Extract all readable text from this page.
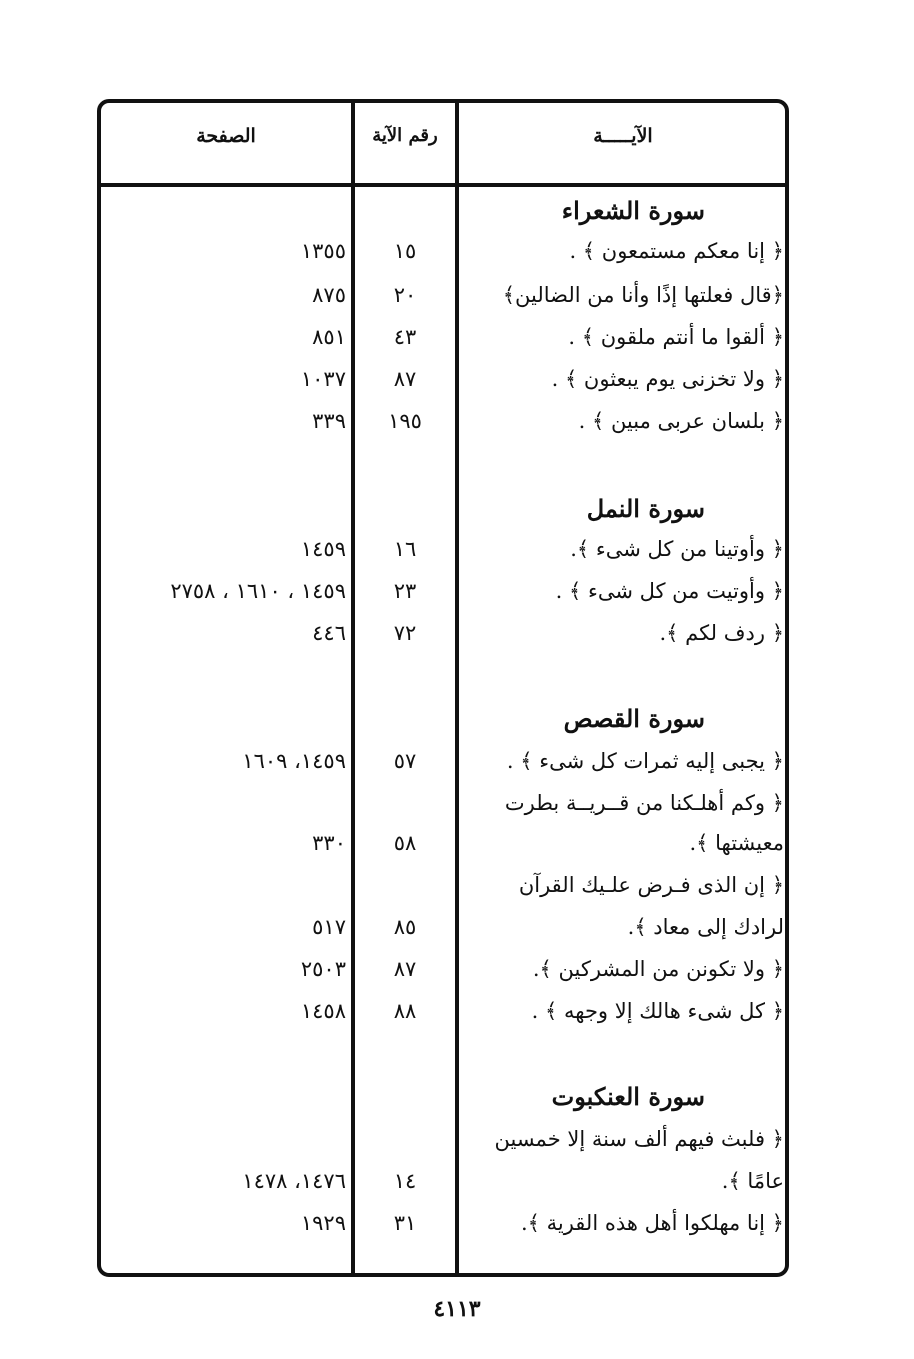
الآيـــــة
رقم الآية
الصفحة
سورة الشعراء
﴿ إنا معكم مستمعون ﴾ .
١٥
١٣٥٥
﴿قال فعلتها إذًا وأنا من الضالين﴾
٢٠
٨٧٥
﴿ ألقوا ما أنتم ملقون ﴾ .
٤٣
٨٥١
﴿ ولا تخزنى يوم يبعثون ﴾ .
٨٧
١٠٣٧
﴿ بلسان عربى مبين ﴾ .
١٩٥
٣٣٩
سورة النمل
﴿ وأوتينا من كل شىء ﴾.
١٦
١٤٥٩
﴿ وأوتيت من كل شىء ﴾ .
٢٣
١٤٥٩ ، ١٦١٠ ، ٢٧٥٨
﴿ ردف لكم ﴾.
٧٢
٤٤٦
سورة القصص
﴿ يجبى إليه ثمرات كل شىء ﴾ .
٥٧
١٤٥٩، ١٦٠٩
﴿ وكم أهلـكنا من قــريــة بطرت
معيشتها ﴾.
٥٨
٣٣٠
﴿ إن الذى فـرض علـيك القرآن
لرادك إلى معاد ﴾.
٨٥
٥١٧
﴿ ولا تكونن من المشركين ﴾.
٨٧
٢٥٠٣
﴿ كل شىء هالك إلا وجهه ﴾ .
٨٨
١٤٥٨
سورة العنكبوت
﴿ فلبث فيهم ألف سنة إلا خمسين
عامًا ﴾.
١٤
١٤٧٦، ١٤٧٨
﴿ إنا مهلكوا أهل هذه القرية ﴾.
٣١
١٩٢٩
٤١١٣
